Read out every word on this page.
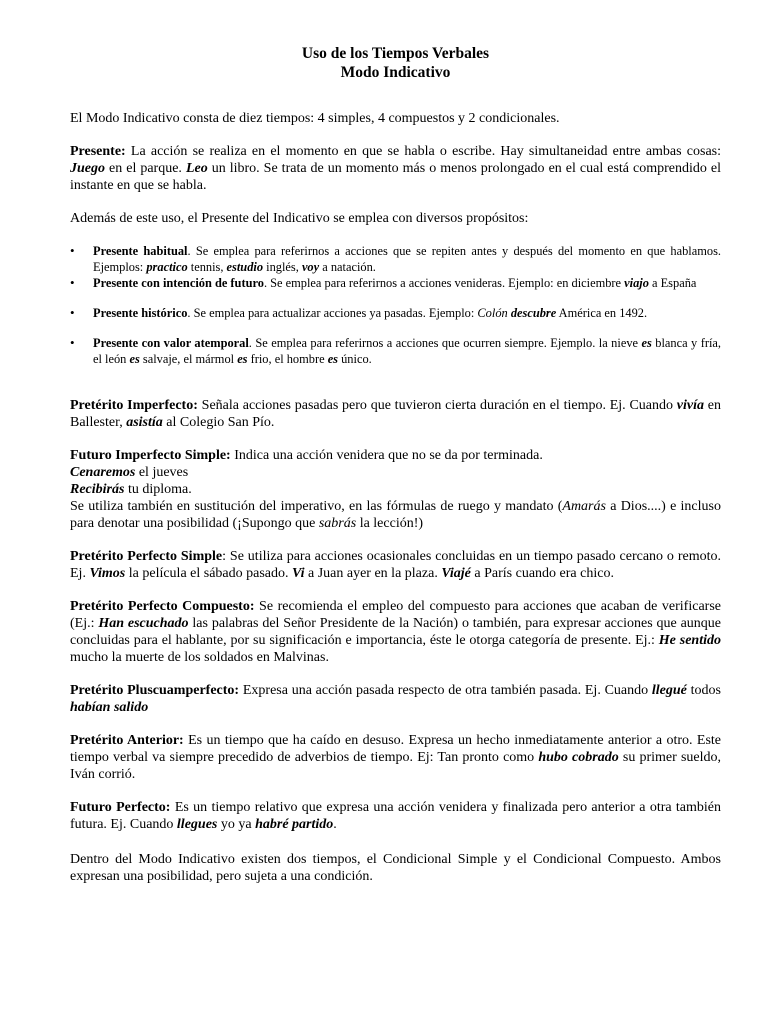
Uso de los Tiempos Verbales
Modo Indicativo

El Modo Indicativo consta de diez tiempos: 4 simples, 4 compuestos y 2 condicionales.

Presente: La acción se realiza en el momento en que se habla o escribe. Hay simultaneidad entre ambas cosas: Juego en el parque. Leo un libro. Se trata de un momento más o menos prolongado en el cual está comprendido el instante en que se habla.

Además de este uso, el Presente del Indicativo se emplea con diversos propósitos:

• Presente habitual. Se emplea para referirnos a acciones que se repiten antes y después del momento en que hablamos. Ejemplos: practico tennis, estudio inglés, voy a natación.
• Presente con intención de futuro. Se emplea para referirnos a acciones venideras. Ejemplo: en diciembre viajo a España
• Presente histórico. Se emplea para actualizar acciones ya pasadas. Ejemplo: Colón descubre América en 1492.
• Presente con valor atemporal. Se emplea para referirnos a acciones que ocurren siempre. Ejemplo. la nieve es blanca y fría, el león es salvaje, el mármol es frio, el hombre es único.

Pretérito Imperfecto: Señala acciones pasadas pero que tuvieron cierta duración en el tiempo. Ej. Cuando vivía en Ballester, asistía al Colegio San Pío.

Futuro Imperfecto Simple: Indica una acción venidera que no se da por terminada.

Cenaremos el jueves

Recibirás tu diploma.

Se utiliza también en sustitución del imperativo, en las fórmulas de ruego y mandato (Amarás a Dios....) e incluso para denotar una posibilidad (¡Supongo que sabrás la lección!)

Pretérito Perfecto Simple: Se utiliza para acciones ocasionales concluidas en un tiempo pasado cercano o remoto. Ej. Vimos la película el sábado pasado. Vi a Juan ayer en la plaza. Viajé a París cuando era chico.

Pretérito Perfecto Compuesto: Se recomienda el empleo del compuesto para acciones que acaban de verificarse (Ej.: Han escuchado las palabras del Señor Presidente de la Nación) o también, para expresar acciones que aunque concluidas para el hablante, por su significación e importancia, éste le otorga categoría de presente. Ej.: He sentido mucho la muerte de los soldados en Malvinas.

Pretérito Pluscuamperfecto: Expresa una acción pasada respecto de otra también pasada. Ej. Cuando llegué todos habían salido

Pretérito Anterior: Es un tiempo que ha caído en desuso. Expresa un hecho inmediatamente anterior a otro. Este tiempo verbal va siempre precedido de adverbios de tiempo. Ej: Tan pronto como hubo cobrado su primer sueldo, Iván corrió.

Futuro Perfecto: Es un tiempo relativo que expresa una acción venidera y finalizada pero anterior a otra también futura. Ej. Cuando llegues yo ya habré partido.

Dentro del Modo Indicativo existen dos tiempos, el Condicional Simple y el Condicional Compuesto. Ambos expresan una posibilidad, pero sujeta a una condición.
